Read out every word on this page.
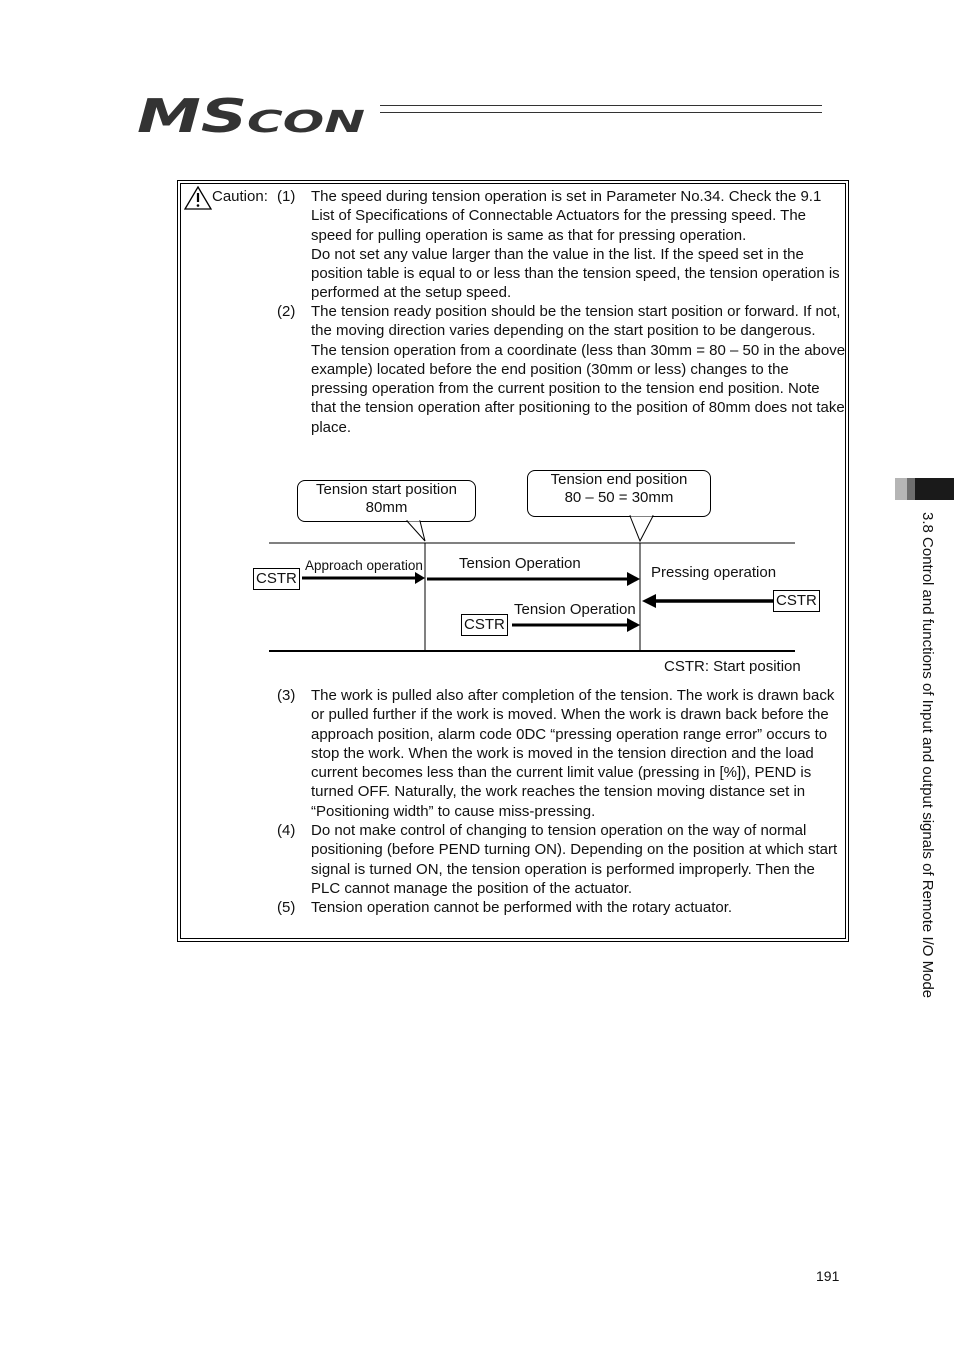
MS CON
Caution: (1)	The speed during tension operation is set in Parameter No.34. Check the 9.1 List of Specifications of Connectable Actuators for the pressing speed. The speed for pulling operation is same as that for pressing operation.
Do not set any value larger than the value in the list. If the speed set in the position table is equal to or less than the tension speed, the tension operation is performed at the setup speed.
(2)	The tension ready position should be the tension start position or forward. If not, the moving direction varies depending on the start position to be dangerous.
The tension operation from a coordinate (less than 30mm = 80 – 50 in the above example) located before the end position (30mm or less) changes to the pressing operation from the current position to the tension end position. Note that the tension operation after positioning to the position of 80mm does not take place.
Tension start position
80mm
Tension end position
80 – 50 = 30mm
CSTR
Approach operation Tension Operation
Pressing operation
CSTR
Tension Operation
CSTR
CSTR: Start position
(3)	The work is pulled also after completion of the tension. The work is drawn back or pulled further if the work is moved. When the work is drawn back before the approach position, alarm code 0DC “pressing operation range error” occurs to stop the work. When the work is moved in the tension direction and the load current becomes less than the current limit value (pressing in [%]), PEND is turned OFF. Naturally, the work reaches the tension moving distance set in “Positioning width” to cause miss-pressing.
(4)	Do not make control of changing to tension operation on the way of normal positioning (before PEND turning ON). Depending on the position at which start signal is turned ON, the tension operation is performed improperly. Then the PLC cannot manage the position of the actuator.
(5)	Tension operation cannot be performed with the rotary actuator.	3.8 Control and functions of Input and output signals of Remote I/O Mode
191
